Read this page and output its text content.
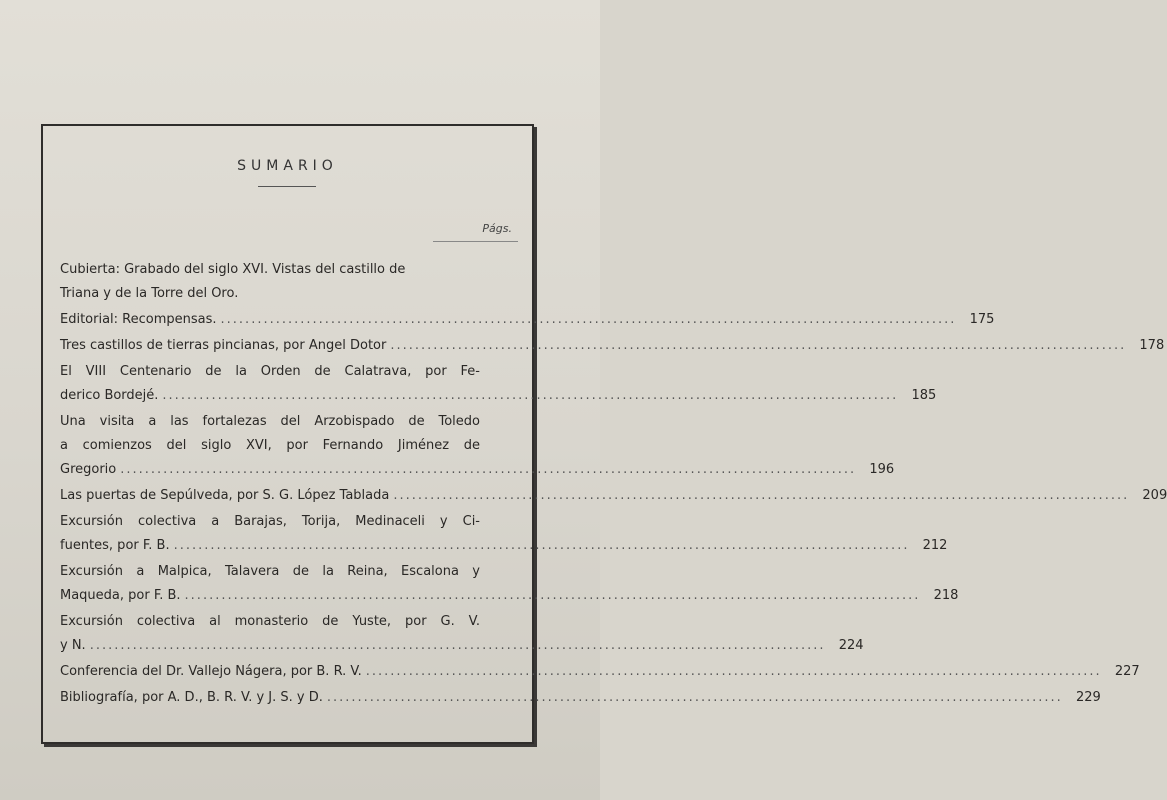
SUMARIO
Págs.
Cubierta: Grabado del siglo XVI. Vistas del castillo de
Triana y de la Torre del Oro.
Editorial: Recompensas. ........................................................................................................................	175
Tres castillos de tierras pincianas, por Angel Dotor ........................................................................................................................	178
El VIII Centenario de la Orden de Calatrava, por Fe-
derico Bordejé. ........................................................................................................................	185
Una visita a las fortalezas del Arzobispado de Toledo
a comienzos del siglo XVI, por Fernando Jiménez de
Gregorio ........................................................................................................................	196
Las puertas de Sepúlveda, por S. G. López Tablada ........................................................................................................................	209
Excursión colectiva a Barajas, Torija, Medinaceli y Ci-
fuentes, por F. B. ........................................................................................................................	212
Excursión a Malpica, Talavera de la Reina, Escalona y
Maqueda, por F. B. ........................................................................................................................	218
Excursión colectiva al monasterio de Yuste, por G. V.
y N. ........................................................................................................................	224
Conferencia del Dr. Vallejo Nágera, por B. R. V. ........................................................................................................................	227
Bibliografía, por A. D., B. R. V. y J. S. y D. ........................................................................................................................	229
